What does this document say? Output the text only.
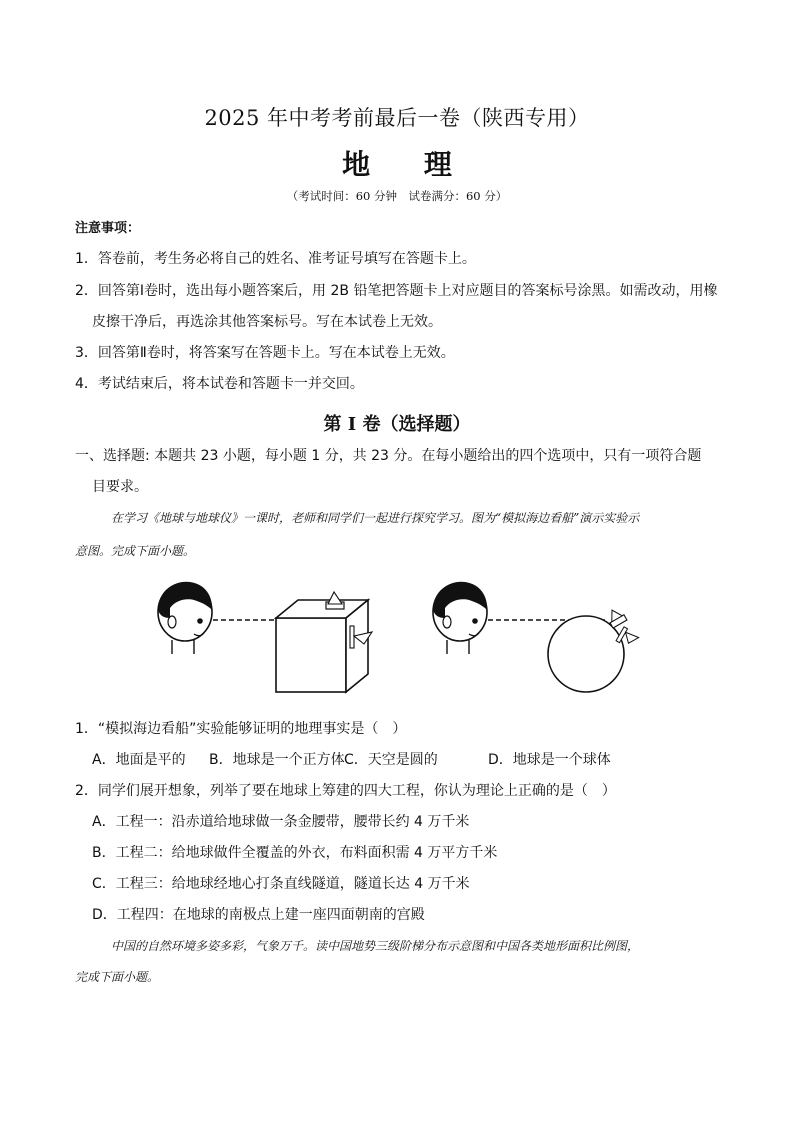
2025 年中考考前最后一卷（陕西专用）
地 理
（考试时间：60 分钟　试卷满分：60 分）
注意事项：
1．答卷前，考生务必将自己的姓名、准考证号填写在答题卡上。
2．回答第Ⅰ卷时，选出每小题答案后，用 2B 铅笔把答题卡上对应题目的答案标号涂黑。如需改动，用橡
皮擦干净后，再选涂其他答案标号。写在本试卷上无效。
3．回答第Ⅱ卷时，将答案写在答题卡上。写在本试卷上无效。
4．考试结束后，将本试卷和答题卡一并交回。
第 I 卷（选择题）
一、选择题: 本题共 23 小题，每小题 1 分，共 23 分。在每小题给出的四个选项中，只有一项符合题
目要求。
在学习《地球与地球仪》一课时，老师和同学们一起进行探究学习。图为“模拟海边看船”演示实验示
意图。完成下面小题。
1．“模拟海边看船”实验能够证明的地理事实是（　）
A．地面是平的 B．地球是一个正方体 C．天空是圆的	D．地球是一个球体
2．同学们展开想象，列举了要在地球上筹建的四大工程，你认为理论上正确的是（　）
A．工程一：沿赤道给地球做一条金腰带，腰带长约 4 万千米
B．工程二：给地球做件全覆盖的外衣，布料面积需 4 万平方千米
C．工程三：给地球经地心打条直线隧道，隧道长达 4 万千米
D．工程四：在地球的南极点上建一座四面朝南的宫殿
中国的自然环境多姿多彩，气象万千。读中国地势三级阶梯分布示意图和中国各类地形面积比例图，
完成下面小题。
